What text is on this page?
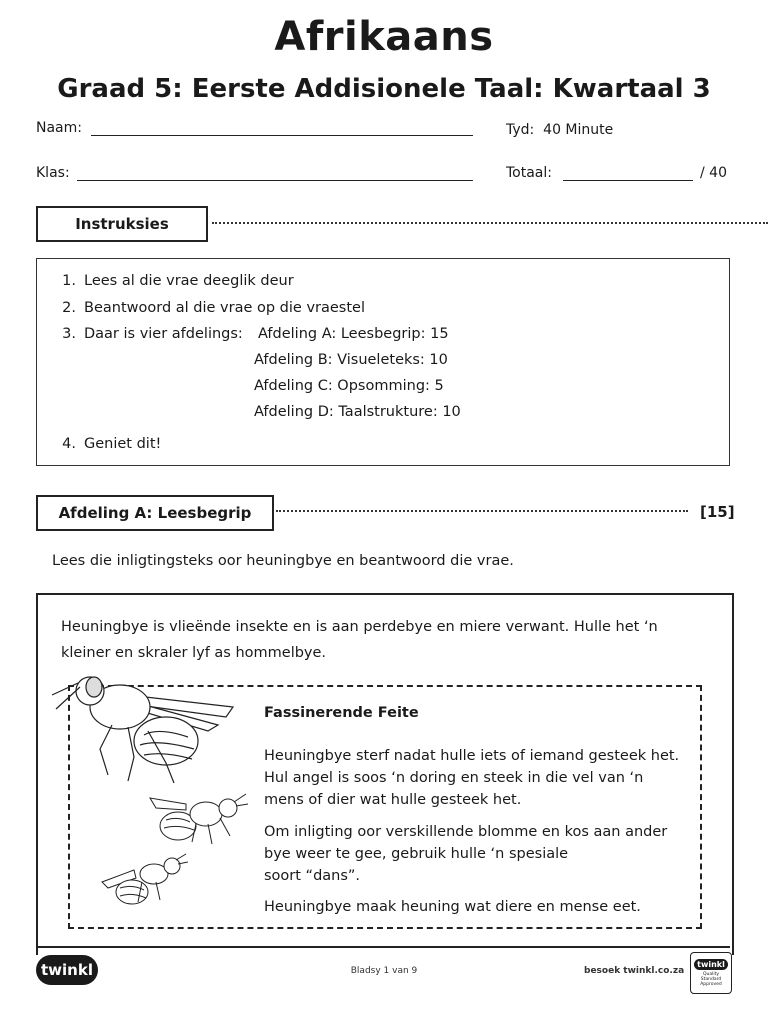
Afrikaans
Graad 5: Eerste Addisionele Taal: Kwartaal 3
Naam:	Tyd: 40 Minute
Klas:	Totaal:	/ 40
Instruksies
1. Lees al die vrae deeglik deur
2. Beantwoord al die vrae op die vraestel
3. Daar is vier afdelings: Afdeling A: Leesbegrip: 15
Afdeling B: Visueleteks: 10
Afdeling C: Opsomming: 5
Afdeling D: Taalstrukture: 10
4. Geniet dit!
Afdeling A: Leesbegrip	[15]
Lees die inligtingsteks oor heuningbye en beantwoord die vrae.
Heuningbye is vlieënde insekte en is aan perdebye en miere verwant. Hulle het ‘n
kleiner en skraler lyf as hommelbye.
Fassinerende Feite
Heuningbye sterf nadat hulle iets of iemand gesteek het.
Hul angel is soos ‘n doring en steek in die vel van ‘n
mens of dier wat hulle gesteek het.
Om inligting oor verskillende blomme en kos aan ander
bye weer te gee, gebruik hulle ‘n spesiale
soort “dans”.
Heuningbye maak heuning wat diere en mense eet.
twinkl	Bladsy 1 van 9	besoek twinkl.co.za
twinkl
Quality Standard Approved
